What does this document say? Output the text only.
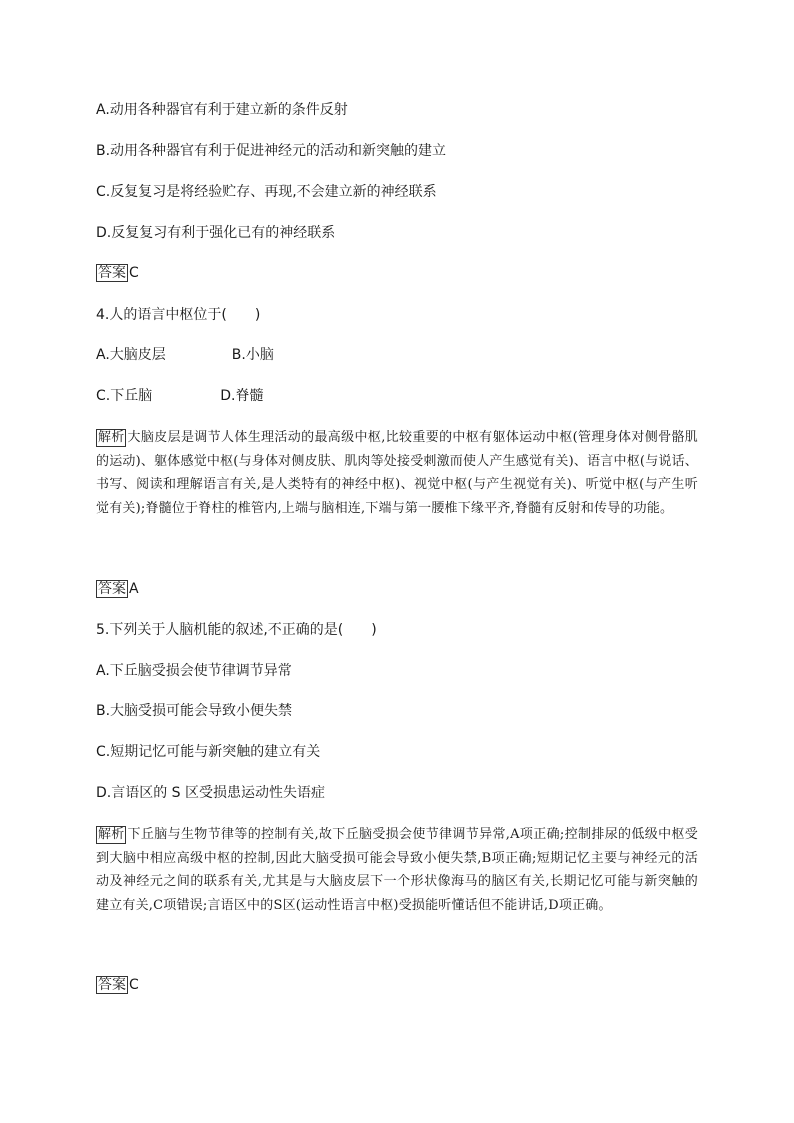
A.动用各种器官有利于建立新的条件反射

B.动用各种器官有利于促进神经元的活动和新突触的建立

C.反复复习是将经验贮存、再现,不会建立新的神经联系

D.反复复习有利于强化已有的神经联系

答案 C

4.人的语言中枢位于(　　)

A.大脑皮层	B.小脑

C.下丘脑	D.脊髓

解析 大脑皮层是调节人体生理活动的最高级中枢,比较重要的中枢有躯体运动中枢(管理身体对侧骨骼肌的运动)、躯体感觉中枢(与身体对侧皮肤、肌肉等处接受刺激而使人产生感觉有关)、语言中枢(与说话、书写、阅读和理解语言有关,是人类特有的神经中枢)、视觉中枢(与产生视觉有关)、听觉中枢(与产生听觉有关);脊髓位于脊柱的椎管内,上端与脑相连,下端与第一腰椎下缘平齐,脊髓有反射和传导的功能。

答案 A

5.下列关于人脑机能的叙述,不正确的是(　　)

A.下丘脑受损会使节律调节异常

B.大脑受损可能会导致小便失禁

C.短期记忆可能与新突触的建立有关

D.言语区的 S 区受损患运动性失语症

解析 下丘脑与生物节律等的控制有关,故下丘脑受损会使节律调节异常,A项正确;控制排尿的低级中枢受到大脑中相应高级中枢的控制,因此大脑受损可能会导致小便失禁,B项正确;短期记忆主要与神经元的活动及神经元之间的联系有关,尤其是与大脑皮层下一个形状像海马的脑区有关,长期记忆可能与新突触的建立有关,C项错误;言语区中的S区(运动性语言中枢)受损能听懂话但不能讲话,D项正确。

答案 C
